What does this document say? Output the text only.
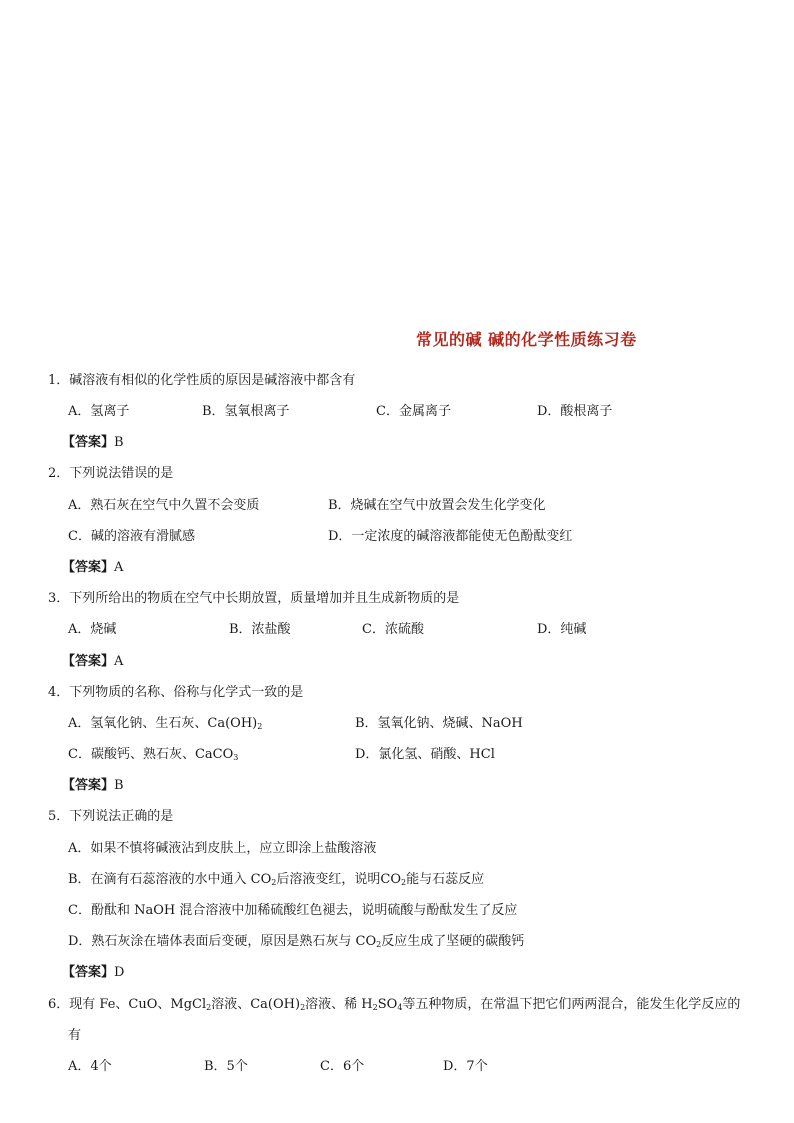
常见的碱 碱的化学性质练习卷
1．碱溶液有相似的化学性质的原因是碱溶液中都含有
A．氢离子	B．氢氧根离子	C．金属离子	D．酸根离子
【答案】B
2．下列说法错误的是
A．熟石灰在空气中久置不会变质	B．烧碱在空气中放置会发生化学变化
C．碱的溶液有滑腻感	D．一定浓度的碱溶液都能使无色酚酞变红
【答案】A
3．下列所给出的物质在空气中长期放置，质量增加并且生成新物质的是
A．烧碱	B．浓盐酸	C．浓硫酸	D．纯碱
【答案】A
4．下列物质的名称、俗称与化学式一致的是
A．氢氧化钠、生石灰、$Ca(OH)_2$	B．氢氧化钠、烧碱、NaOH
C．碳酸钙、熟石灰、CaCO$_3$	D．氯化氢、硝酸、HCl
【答案】B
5．下列说法正确的是
A．如果不慎将碱液沾到皮肤上，应立即涂上盐酸溶液
B．在滴有石蕊溶液的水中通入 $CO_2$后溶液变红，说明$CO_2$能与石蕊反应
C．酚酞和 NaOH 混合溶液中加稀硫酸红色褪去，说明硫酸与酚酞发生了反应
D．熟石灰涂在墙体表面后变硬，原因是熟石灰与 $CO_2$反应生成了坚硬的碳酸钙
【答案】D
6．现有 Fe、CuO、MgCl$_2$溶液、$Ca(OH)_2$溶液、稀 $H_2SO_4$等五种物质，在常温下把它们两两混合，能发生化学反应的
有
A．4个	B．5个	C．6个	D．7个
